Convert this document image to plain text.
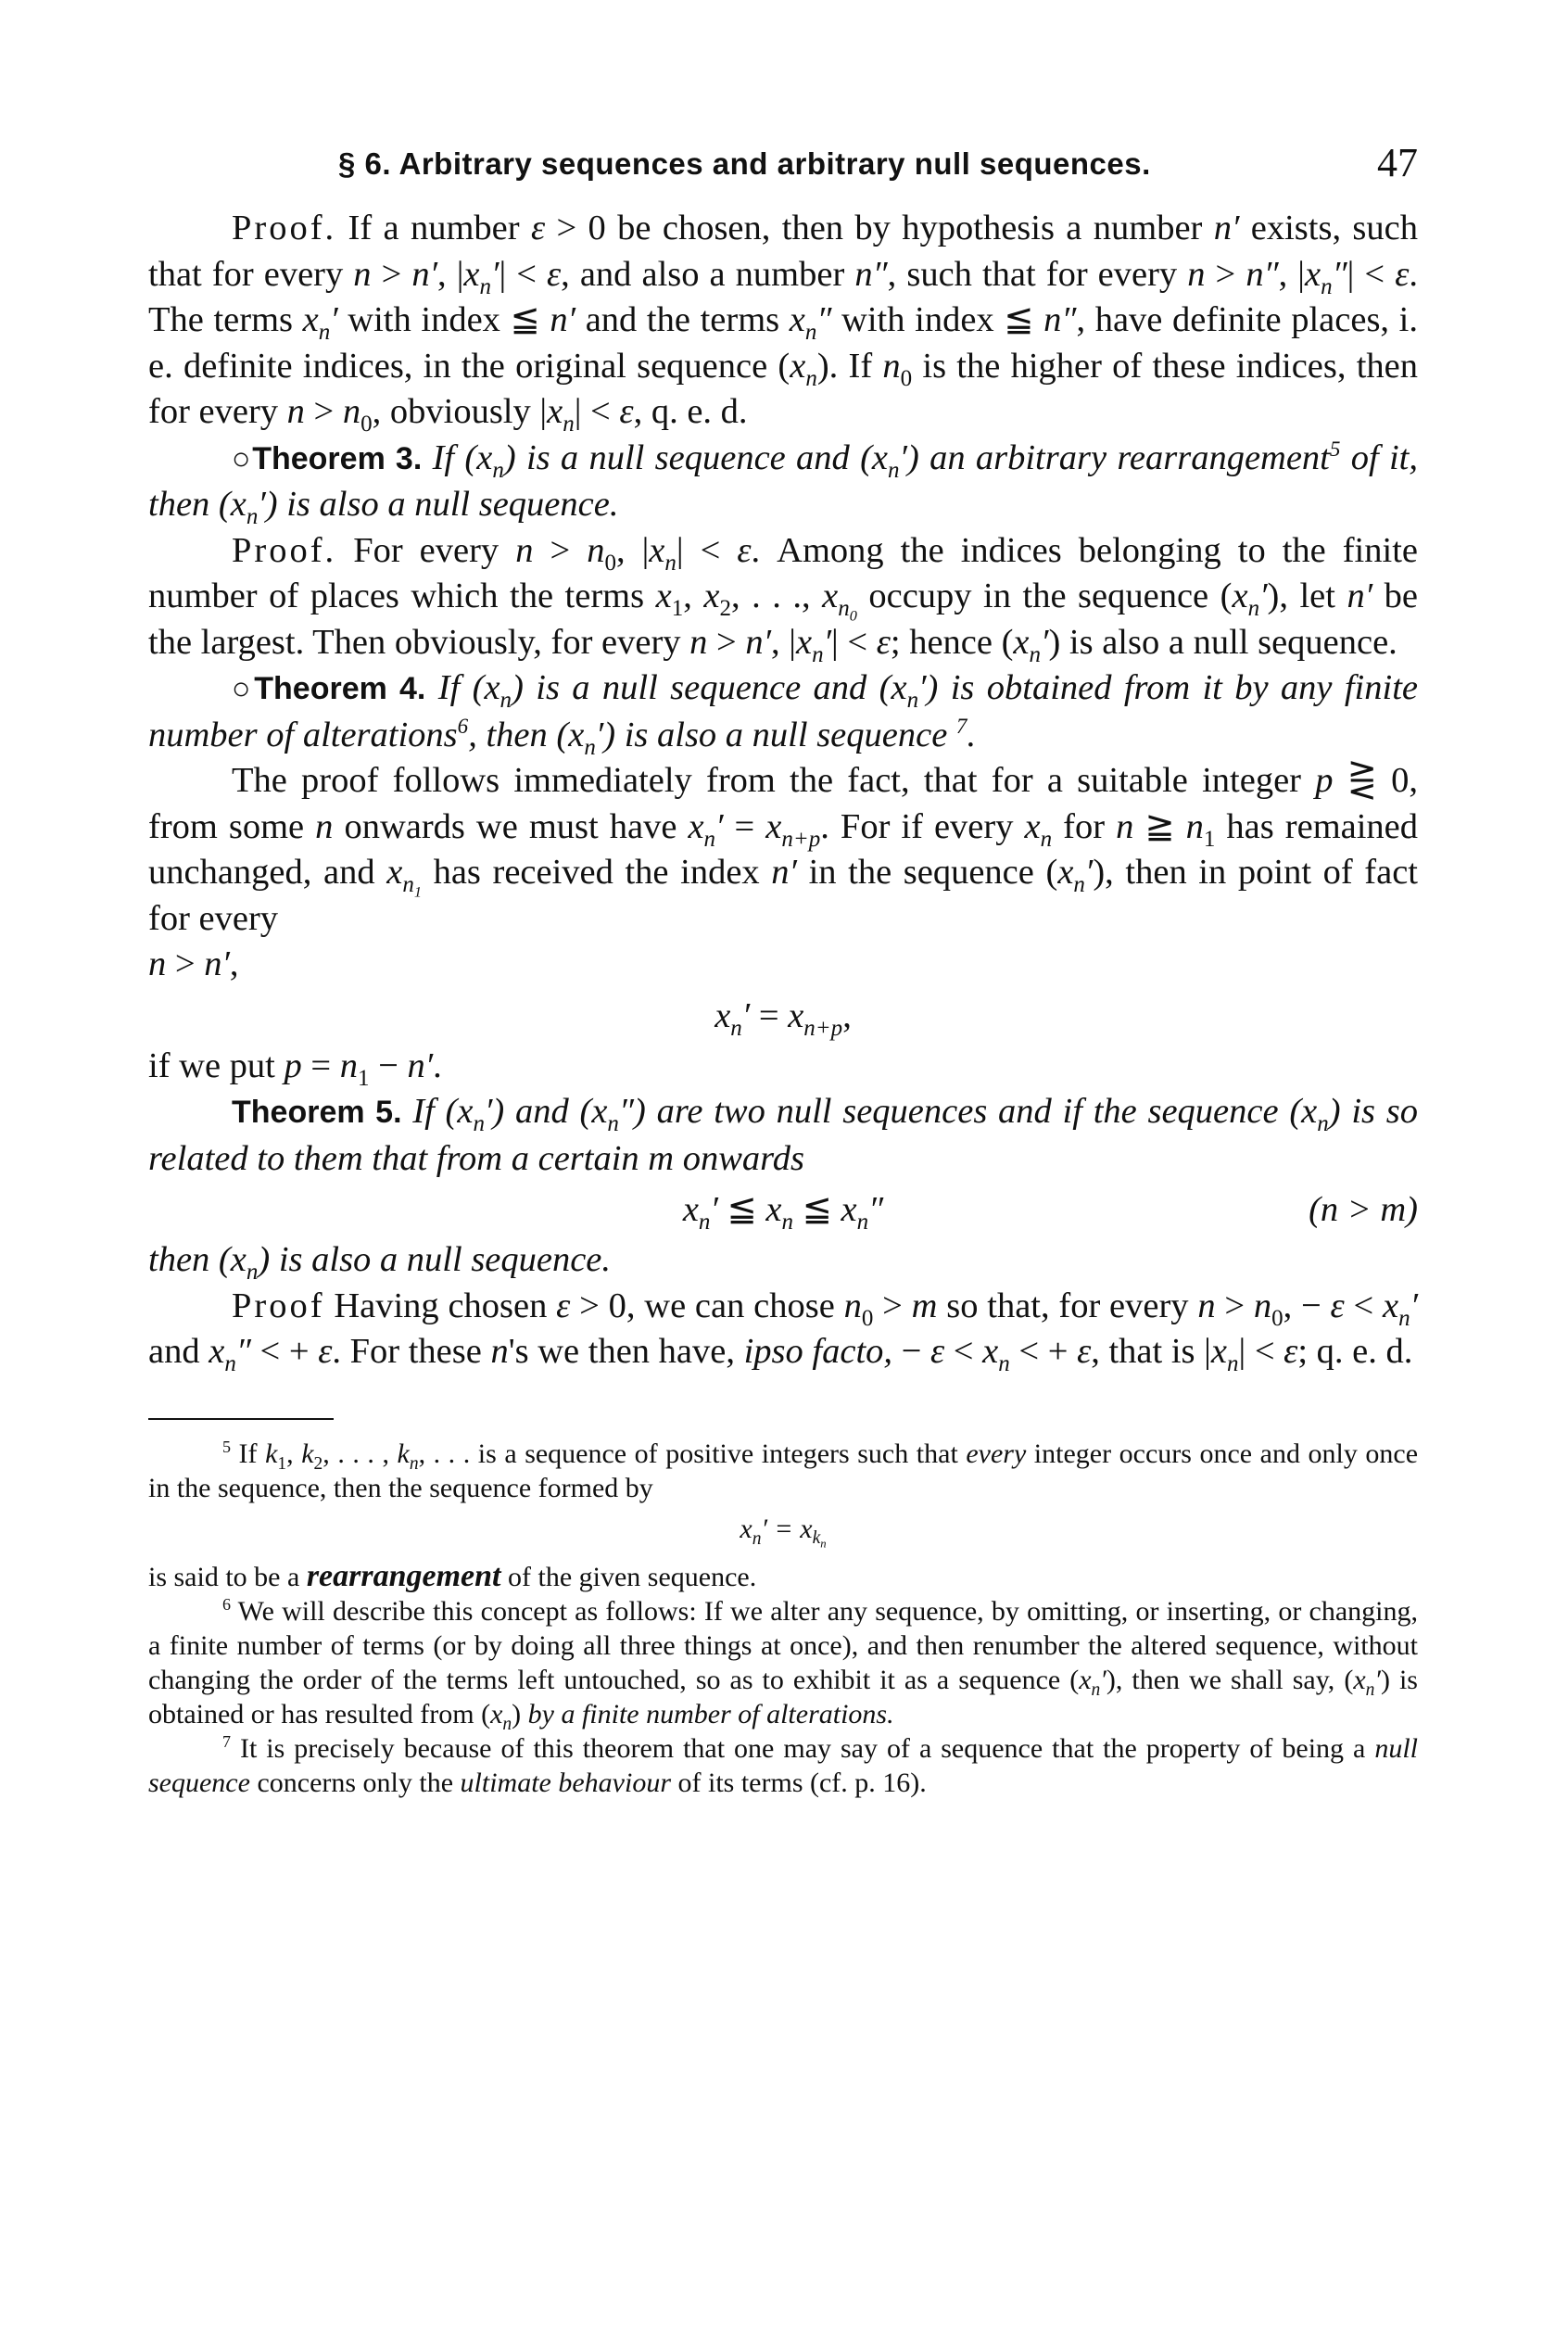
§ 6. Arbitrary sequences and arbitrary null sequences.	47

Proof. If a number ε > 0 be chosen, then by hypothesis a number n′ exists, such that for every n > n′, $|x_n'| < \varepsilon$, and also a number n″, such that for every n > n″, $|x_n''| < \varepsilon$. The terms $x_n'$ with index ≦ n′ and the terms $x_n''$ with index ≦ n″, have definite places, i. e. definite indices, in the original sequence $(x_n)$. If $n_0$ is the higher of these indices, then for every $n > n_0$, obviously $|x_n| < \varepsilon$, q. e. d.

○Theorem 3. If $(x_n)$ is a null sequence and $(x_n')$ an arbitrary rearrangement$^5$ of it, then $(x_n')$ is also a null sequence.

Proof. For every $n > n_0$, $|x_n| < \varepsilon$. Among the indices belonging to the finite number of places which the terms $x_1$, $x_2$, . . ., $x_{n_0}$ occupy in the sequence $(x_n')$, let n′ be the largest. Then obviously, for every n > n′, $|x_n'| < \varepsilon$; hence $(x_n')$ is also a null sequence.

○Theorem 4. If $(x_n)$ is a null sequence and $(x_n')$ is obtained from it by any finite number of alterations$^6$, then $(x_n')$ is also a null sequence $^7$.

The proof follows immediately from the fact, that for a suitable integer p ⋛ 0, from some n onwards we must have $x_n' = x_{n+p}$. For if every $x_n$ for n ≧ $n_1$ has remained unchanged, and $x_{n_1}$ has received the index n′ in the sequence $(x_n')$, then in point of fact for every
n > n′,

$x_n' = x_{n+p}$,

if we put $p = n_1 - n'$.

Theorem 5. If $(x_n')$ and $(x_n'')$ are two null sequences and if the sequence $(x_n)$ is so related to them that from a certain m onwards

$x_n'$ ≦ $x_n$ ≦ $x_n''$	(n > m)

then $(x_n)$ is also a null sequence.

Proof Having chosen ε > 0, we can chose $n_0 > m$ so that, for every $n > n_0$, − $\varepsilon < x_n'$ and $x_n''$ < + ε. For these n's we then have, ipso facto, − $\varepsilon < x_n$ < + ε, that is $|x_n| < \varepsilon$; q. e. d.

$^5$ If $k_1$, $k_2$, . . . , $k_n$, . . . is a sequence of positive integers such that every integer occurs once and only once in the sequence, then the sequence formed by

$x_n' = x_{k_n}$

is said to be a rearrangement of the given sequence.

$^6$ We will describe this concept as follows: If we alter any sequence, by omitting, or inserting, or changing, a finite number of terms (or by doing all three things at once), and then renumber the altered sequence, without changing the order of the terms left untouched, so as to exhibit it as a sequence $(x_n')$, then we shall say, $(x_n')$ is obtained or has resulted from $(x_n)$ by a finite number of alterations.

$^7$ It is precisely because of this theorem that one may say of a sequence that the property of being a null sequence concerns only the ultimate behaviour of its terms (cf. p. 16).
